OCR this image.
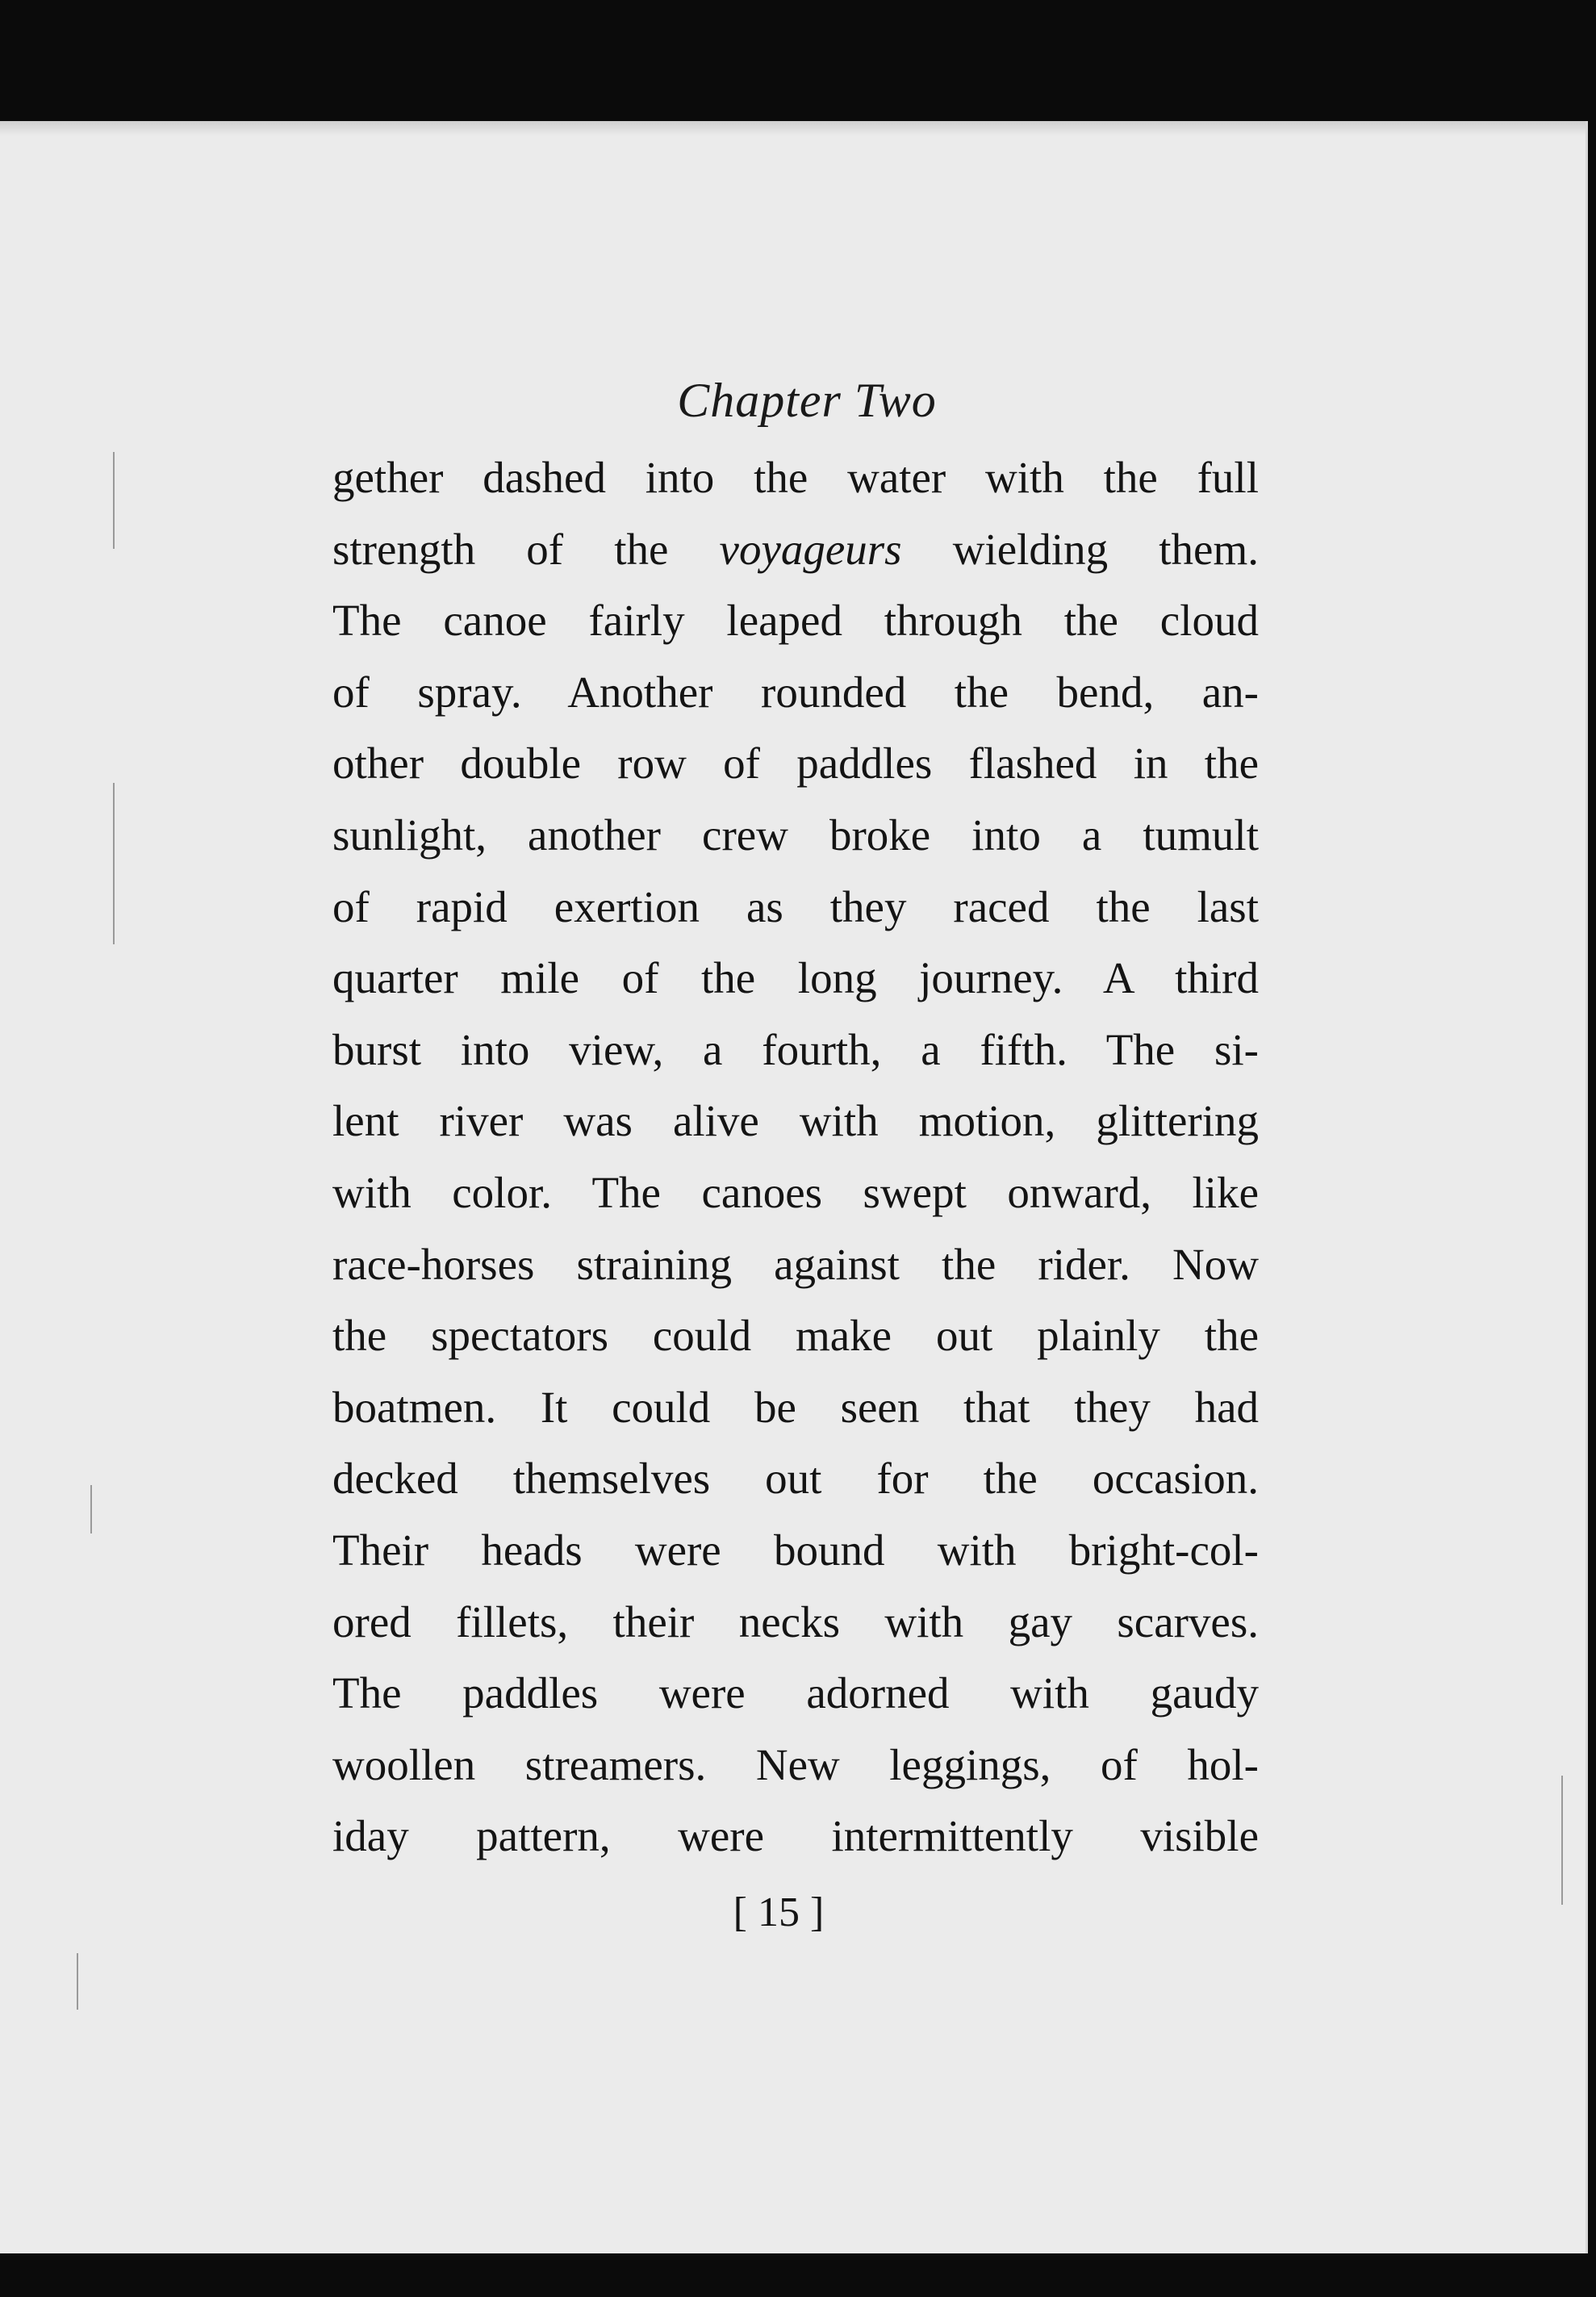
Chapter Two
gether dashed into the water with the full
strength of the voyageurs wielding them.
The canoe fairly leaped through the cloud
of spray. Another rounded the bend, an-
other double row of paddles flashed in the
sunlight, another crew broke into a tumult
of rapid exertion as they raced the last
quarter mile of the long journey. A third
burst into view, a fourth, a fifth. The si-
lent river was alive with motion, glittering
with color. The canoes swept onward, like
race-horses straining against the rider. Now
the spectators could make out plainly the
boatmen. It could be seen that they had
decked themselves out for the occasion.
Their heads were bound with bright-col-
ored fillets, their necks with gay scarves.
The paddles were adorned with gaudy
woollen streamers. New leggings, of hol-
iday pattern, were intermittently visible
[ 15 ]
